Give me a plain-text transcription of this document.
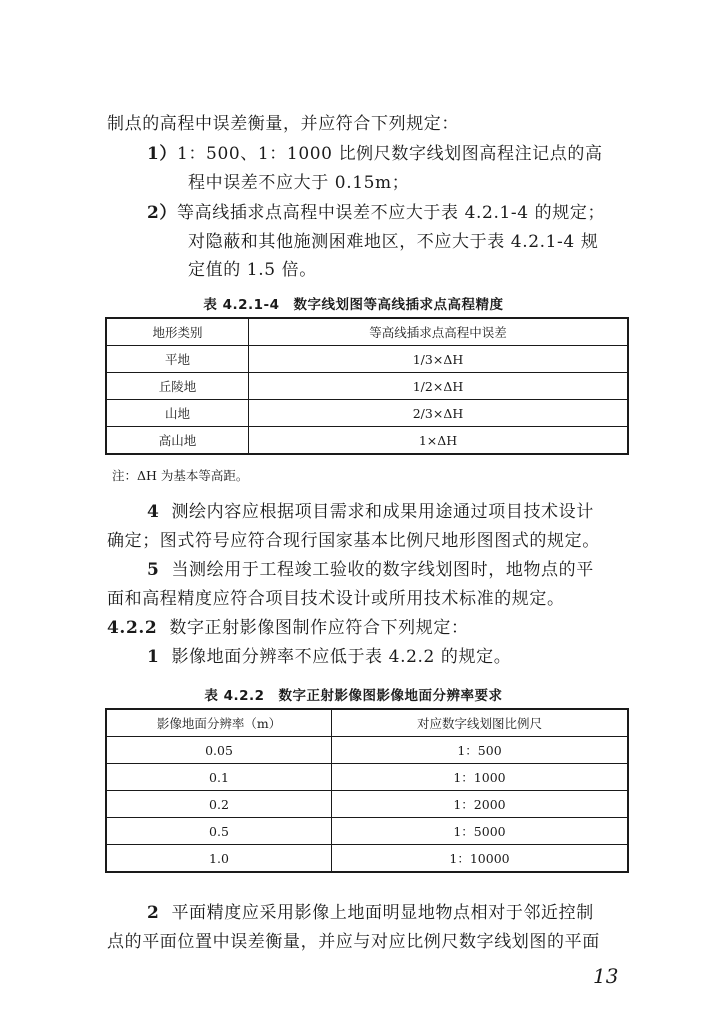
制点的高程中误差衡量，并应符合下列规定：
1）1：500、1：1000 比例尺数字线划图高程注记点的高
程中误差不应大于 0.15m；
2）等高线插求点高程中误差不应大于表 4.2.1-4 的规定；
对隐蔽和其他施测困难地区，不应大于表 4.2.1-4 规
定值的 1.5 倍。
表 4.2.1-4　数字线划图等高线插求点高程精度
地形类别	等高线插求点高程中误差
平地	1/3×ΔH
丘陵地	1/2×ΔH
山地	2/3×ΔH
高山地	1×ΔH
注：ΔH 为基本等高距。
4 测绘内容应根据项目需求和成果用途通过项目技术设计
确定；图式符号应符合现行国家基本比例尺地形图图式的规定。
5 当测绘用于工程竣工验收的数字线划图时，地物点的平
面和高程精度应符合项目技术设计或所用技术标准的规定。
4.2.2 数字正射影像图制作应符合下列规定：
1 影像地面分辨率不应低于表 4.2.2 的规定。
表 4.2.2　数字正射影像图影像地面分辨率要求
影像地面分辨率（m）	对应数字线划图比例尺
0.05	1：500
0.1	1：1000
0.2	1：2000
0.5	1：5000
1.0	1：10000
2 平面精度应采用影像上地面明显地物点相对于邻近控制
点的平面位置中误差衡量，并应与对应比例尺数字线划图的平面
13
